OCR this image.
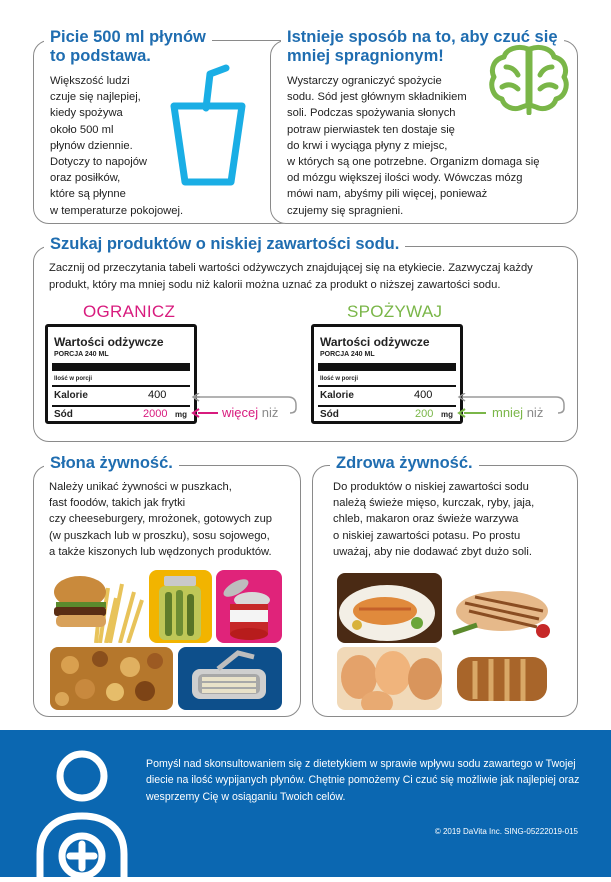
Picie 500 ml płynów
to podstawa.
Większość ludzi
czuje się najlepiej,
kiedy spożywa
około 500 ml
płynów dziennie.
Dotyczy to napojów
oraz posiłków,
które są płynne
w temperaturze pokojowej.
Istnieje sposób na to, aby czuć się
mniej spragnionym!
Wystarczy ograniczyć spożycie
sodu. Sód jest głównym składnikiem
soli. Podczas spożywania słonych
potraw pierwiastek ten dostaje się
do krwi i wyciąga płyny z miejsc,
w których są one potrzebne. Organizm domaga się
od mózgu większej ilości wody. Wówczas mózg
mówi nam, abyśmy pili więcej, ponieważ
czujemy się spragnieni.
Szukaj produktów o niskiej zawartości sodu.
Zacznij od przeczytania tabeli wartości odżywczych znajdującej się na etykiecie. Zazwyczaj każdy
produkt, który ma mniej sodu niż kalorii można uznać za produkt o niższej zawartości sodu.
OGRANICZ	SPOŻYWAJ
Wartości odżywcze
PORCJA 240 ML
Ilość w porcji
Kalorie	400
Sód	2000 mg	więcej niż
Wartości odżywcze
PORCJA 240 ML
Ilość w porcji
Kalorie	400
Sód	200 mg	mniej niż
Słona żywność.
Należy unikać żywności w puszkach,
fast foodów, takich jak frytki
czy cheeseburgery, mrożonek, gotowych zup
(w puszkach lub w proszku), sosu sojowego,
a także kiszonych lub wędzonych produktów.
Zdrowa żywność.
Do produktów o niskiej zawartości sodu
należą świeże mięso, kurczak, ryby, jaja,
chleb, makaron oraz świeże warzywa
o niskiej zawartości potasu. Po prostu
uważaj, aby nie dodawać zbyt dużo soli.
Pomyśl nad skonsultowaniem się z dietetykiem w sprawie wpływu sodu zawartego w Twojej diecie na ilość wypijanych płynów. Chętnie pomożemy Ci czuć się możliwie jak najlepiej oraz wesprzemy Cię w osiąganiu Twoich celów.
© 2019 DaVita Inc. SING-05222019-015
